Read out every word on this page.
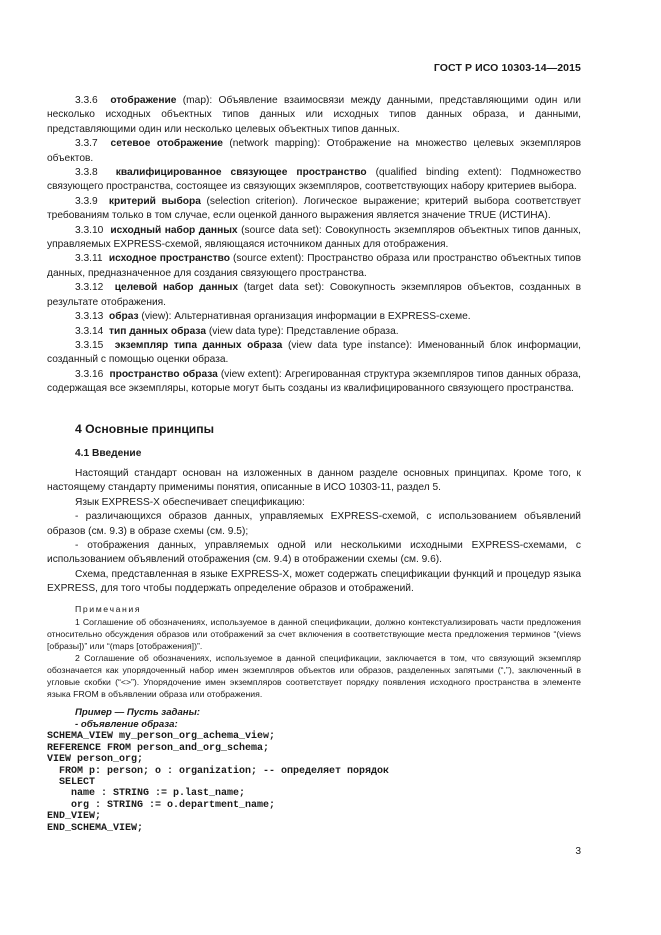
ГОСТ Р ИСО 10303-14—2015

3.3.6 отображение (map): Объявление взаимосвязи между данными, представляющими один или несколько исходных объектных типов данных или исходных типов данных образа, и данными, представляющими один или несколько целевых объектных типов данных.

3.3.7 сетевое отображение (network mapping): Отображение на множество целевых экземпляров объектов.

3.3.8 квалифицированное связующее пространство (qualified binding extent): Подмножество связующего пространства, состоящее из связующих экземпляров, соответствующих набору критериев выбора.

3.3.9 критерий выбора (selection criterion). Логическое выражение; критерий выбора соответствует требованиям только в том случае, если оценкой данного выражения является значение TRUE (ИСТИНА).

3.3.10 исходный набор данных (source data set): Совокупность экземпляров объектных типов данных, управляемых EXPRESS-схемой, являющаяся источником данных для отображения.

3.3.11 исходное пространство (source extent): Пространство образа или пространство объектных типов данных, предназначенное для создания связующего пространства.

3.3.12 целевой набор данных (target data set): Совокупность экземпляров объектов, созданных в результате отображения.

3.3.13 образ (view): Альтернативная организация информации в EXPRESS-схеме.

3.3.14 тип данных образа (view data type): Представление образа.

3.3.15 экземпляр типа данных образа (view data type instance): Именованный блок информации, созданный с помощью оценки образа.

3.3.16 пространство образа (view extent): Агрегированная структура экземпляров типов данных образа, содержащая все экземпляры, которые могут быть созданы из квалифицированного связующего пространства.

4 Основные принципы
4.1 Введение

Настоящий стандарт основан на изложенных в данном разделе основных принципах. Кроме того, к настоящему стандарту применимы понятия, описанные в ИСО 10303-11, раздел 5.

Язык EXPRESS-X обеспечивает спецификацию:

- различающихся образов данных, управляемых EXPRESS-схемой, с использованием объявлений образов (см. 9.3) в образе схемы (см. 9.5);

- отображения данных, управляемых одной или несколькими исходными EXPRESS-схемами, с использованием объявлений отображения (см. 9.4) в отображении схемы (см. 9.6).

Схема, представленная в языке EXPRESS-X, может содержать спецификации функций и процедур языка EXPRESS, для того чтобы поддержать определение образов и отображений.

Примечания

1 Соглашение об обозначениях, используемое в данной спецификации, должно контекстуализировать части предложения относительно обсуждения образов или отображений за счет включения в соответствующие места предложения терминов “(views [образы])” или “(maps [отображения])”.

2 Соглашение об обозначениях, используемое в данной спецификации, заключается в том, что связующий экземпляр обозначается как упорядоченный набор имен экземпляров объектов или образов, разделенных запятыми (“,”), заключенный в угловые скобки (“<>”). Упорядочение имен экземпляров соответствует порядку появления исходного пространства в элементе языка FROM в объявлении образа или отображения.

Пример — Пусть заданы:
- объявление образа:
SCHEMA_VIEW my_person_org_achema_view;
REFERENCE FROM person_and_org_schema;
VIEW person_org;
FROM p: person; o : organization; -- определяет порядок
SELECT
name : STRING := p.last_name;
org : STRING := o.department_name;
END_VIEW;
END_SCHEMA_VIEW;
3
